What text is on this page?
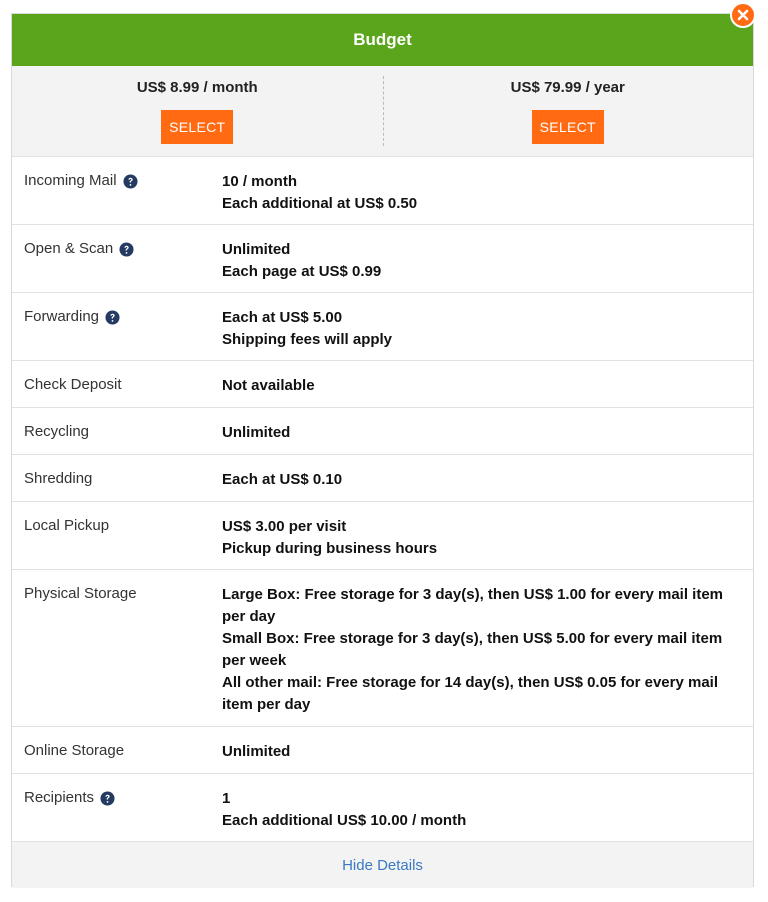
Budget
US$ 8.99 / month
SELECT
US$ 79.99 / year
SELECT
Incoming Mail	10 / month
Each additional at US$ 0.50
Open & Scan	Unlimited
Each page at US$ 0.99
Forwarding	Each at US$ 5.00
Shipping fees will apply
Check Deposit	Not available
Recycling	Unlimited
Shredding	Each at US$ 0.10
Local Pickup	US$ 3.00 per visit
Pickup during business hours
Physical Storage	Large Box: Free storage for 3 day(s), then US$ 1.00 for every mail item per day
Small Box: Free storage for 3 day(s), then US$ 5.00 for every mail item per week
All other mail: Free storage for 14 day(s), then US$ 0.05 for every mail item per day
Online Storage	Unlimited
Recipients	1
Each additional US$ 10.00 / month
Hide Details
